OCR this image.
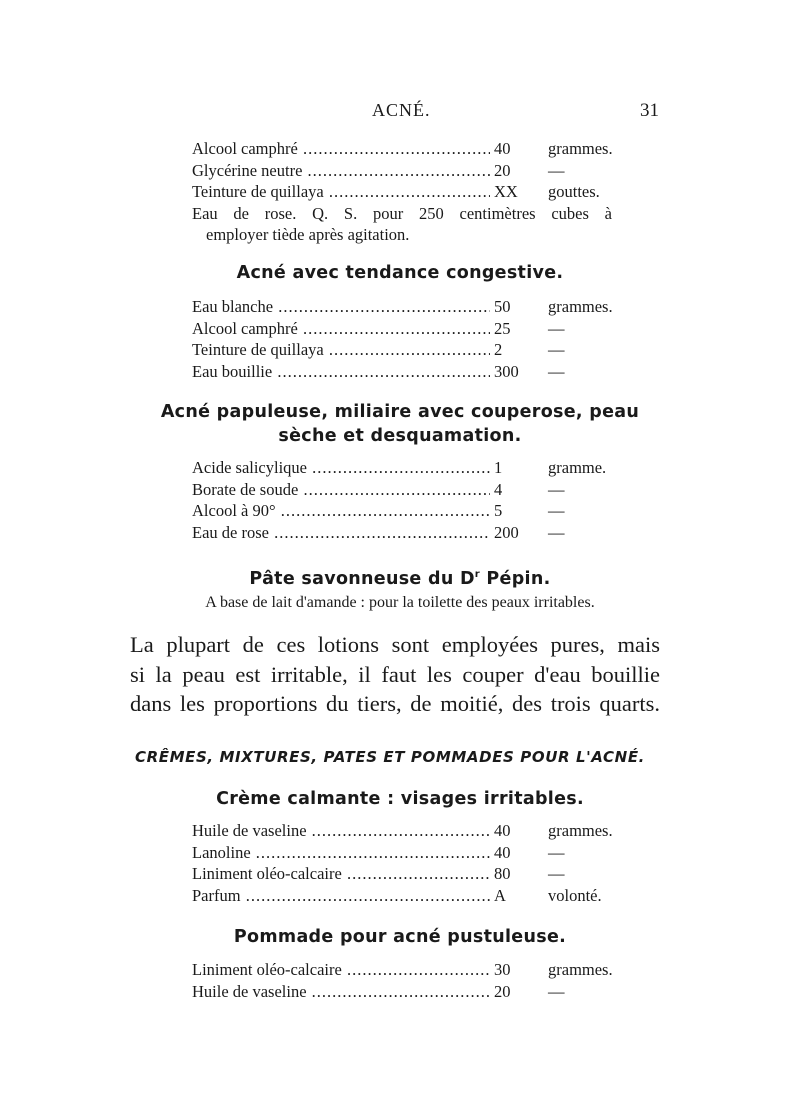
ACNÉ.	31
Alcool camphré .....	40 grammes.
Glycérine neutre .....	20 —
Teinture de quillaya .....	XX gouttes.
Eau de rose. Q. S. pour 250 centimètres cubes à
employer tiède après agitation.
Acné avec tendance congestive.
Eau blanche .....	50 grammes.
Alcool camphré .....	25 —
Teinture de quillaya .....	2	—
Eau bouillie .....	300 —
Acné papuleuse, miliaire avec couperose, peau
sèche et desquamation.
Acide salicylique .....	1	gramme.
Borate de soude .....	4	—
Alcool à 90° .....	5	—
Eau de rose .....	200 —
Pâte savonneuse du $D^r$ Pépin.
A base de lait d'amande : pour la toilette des peaux irritables.
La plupart de ces lotions sont employées pures, mais
si la peau est irritable, il faut les couper d'eau bouillie
dans les proportions du tiers, de moitié, des trois quarts.
CRÊMES, MIXTURES, PATES ET POMMADES POUR L'ACNÉ.
Crème calmante : visages irritables.
Huile de vaseline .....	40 grammes.
Lanoline .....	40 —
Liniment oléo-calcaire .....	80 —
Parfum .....	A	volonté.
Pommade pour acné pustuleuse.
Liniment oléo-calcaire .....	30 grammes.
Huile de vaseline .....	20 —
